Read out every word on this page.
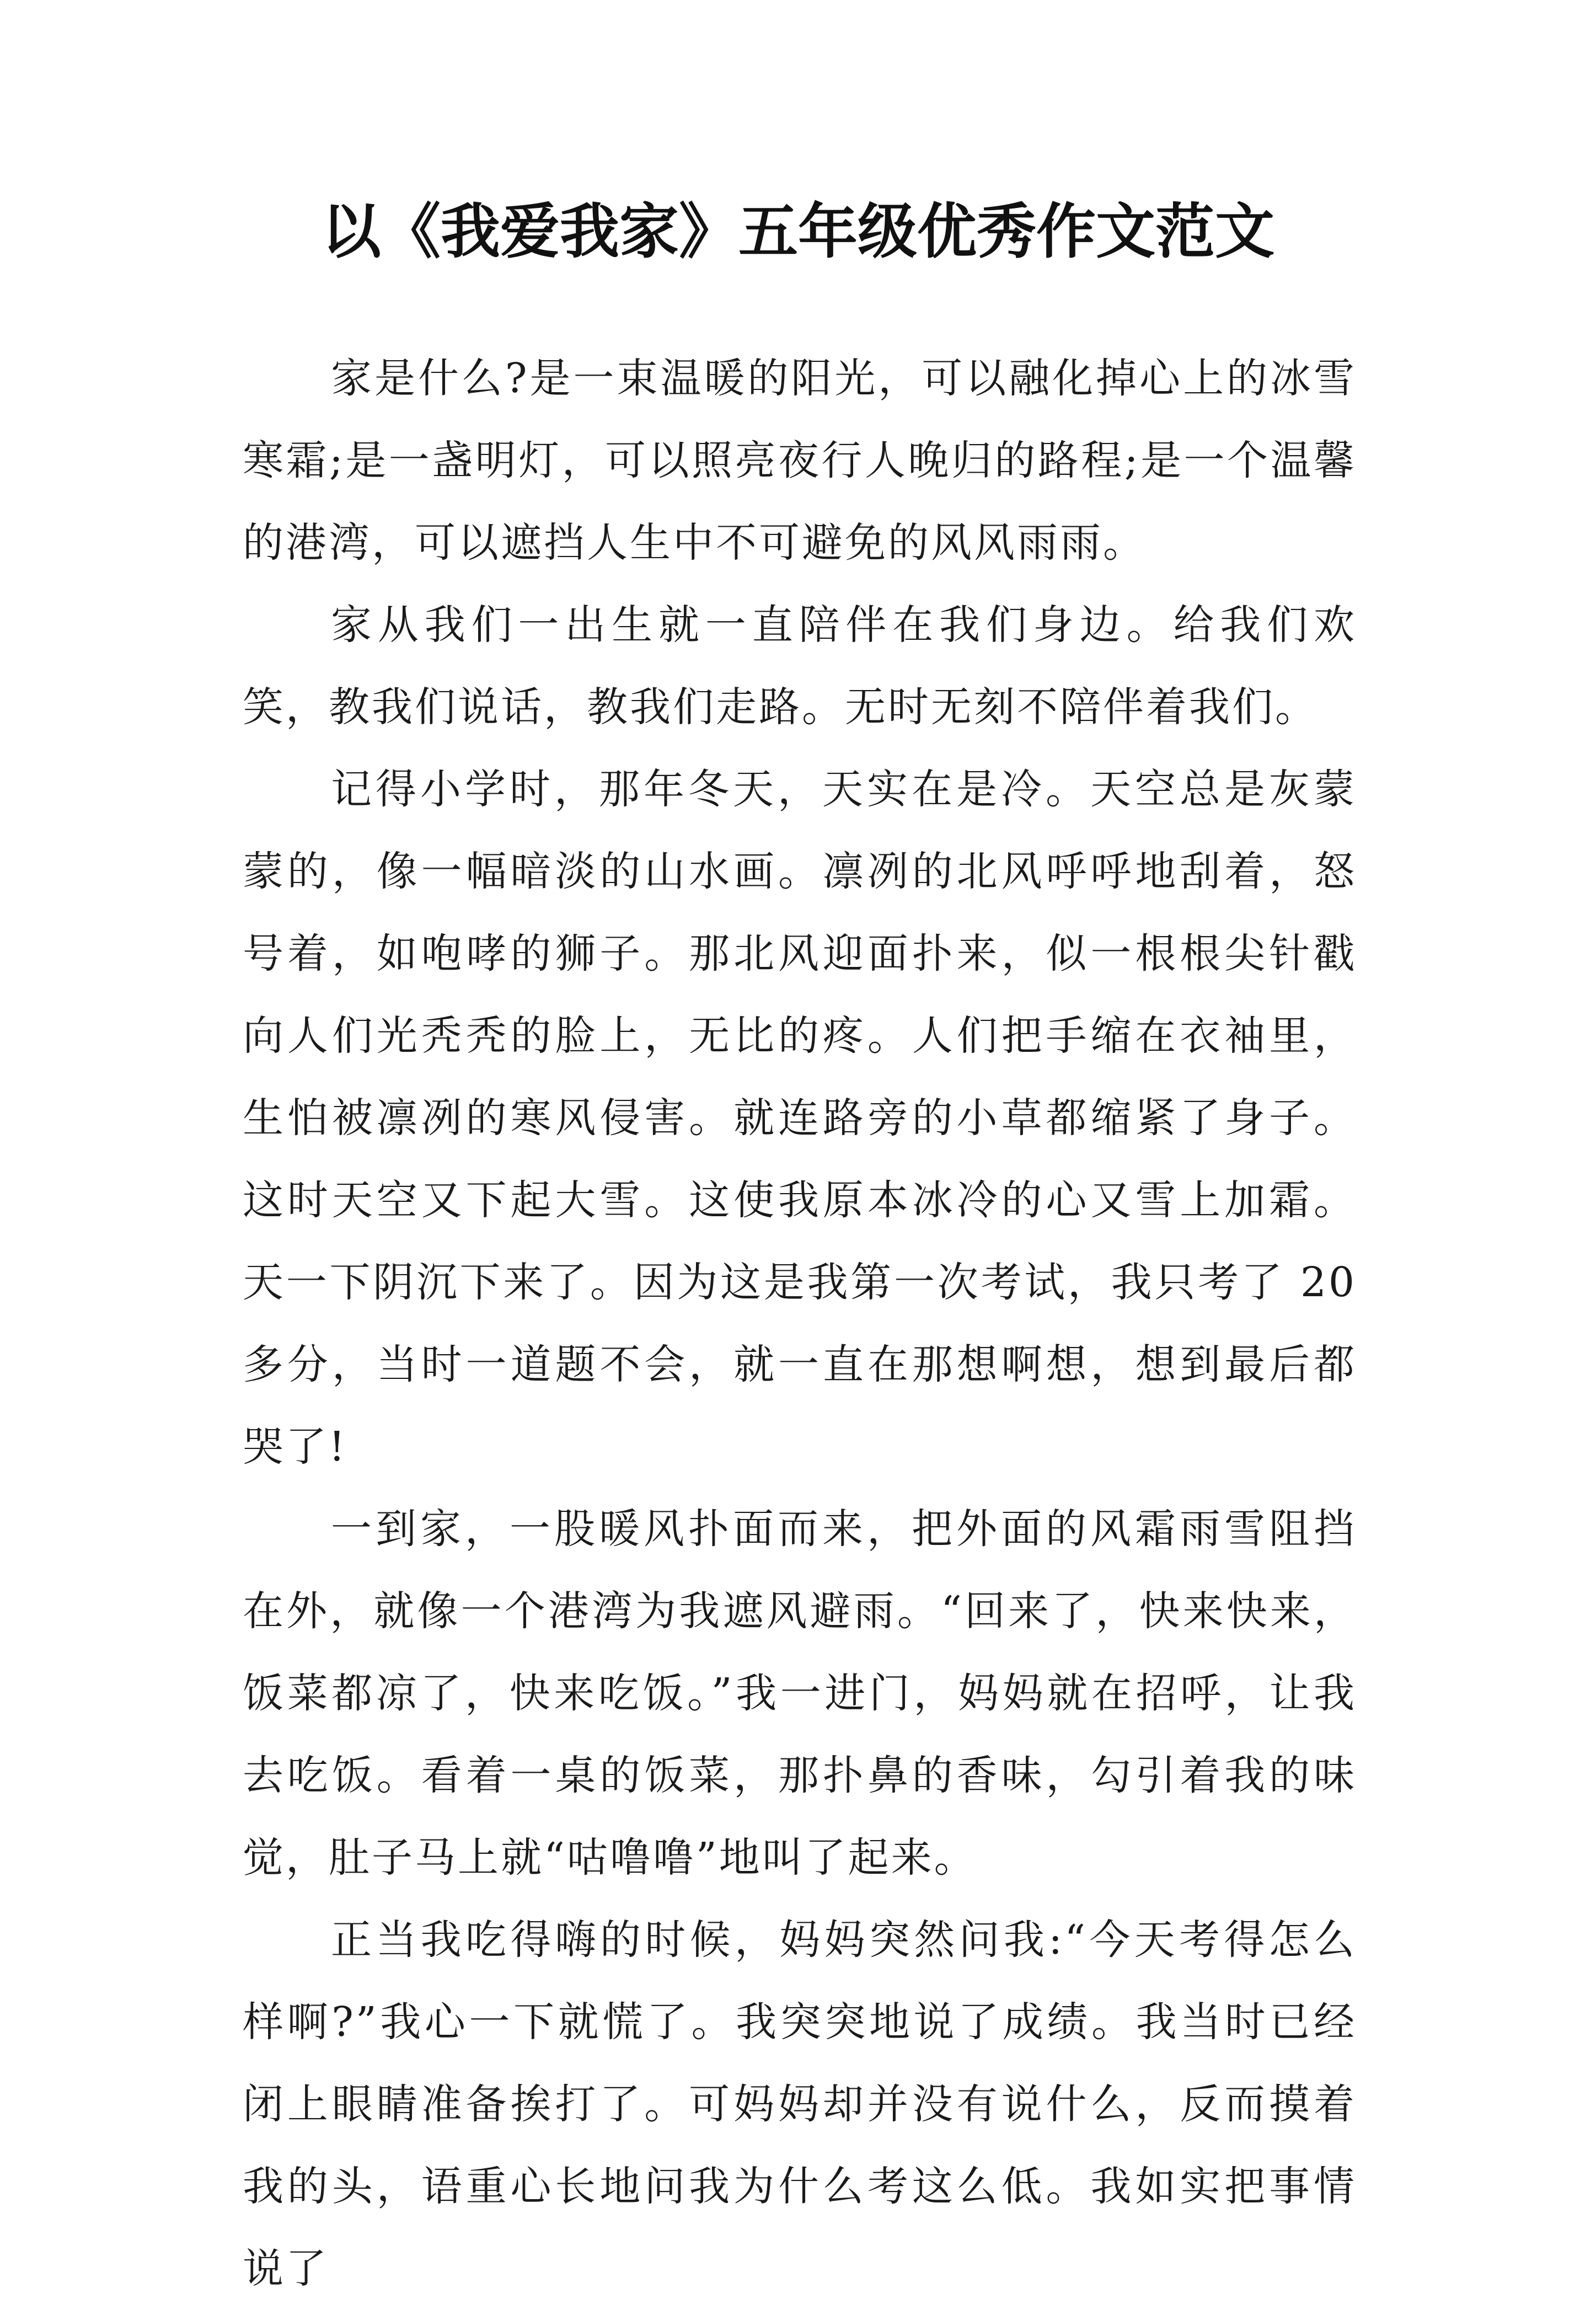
以《我爱我家》五年级优秀作文范文

家是什么?是一束温暖的阳光，可以融化掉心上的冰雪寒霜;是一盏明灯，可以照亮夜行人晚归的路程;是一个温馨的港湾，可以遮挡人生中不可避免的风风雨雨。

家从我们一出生就一直陪伴在我们身边。给我们欢笑，教我们说话，教我们走路。无时无刻不陪伴着我们。

记得小学时，那年冬天，天实在是冷。天空总是灰蒙蒙的，像一幅暗淡的山水画。凛冽的北风呼呼地刮着，怒号着，如咆哮的狮子。那北风迎面扑来，似一根根尖针戳向人们光秃秃的脸上，无比的疼。人们把手缩在衣袖里，生怕被凛冽的寒风侵害。就连路旁的小草都缩紧了身子。这时天空又下起大雪。这使我原本冰冷的心又雪上加霜。天一下阴沉下来了。因为这是我第一次考试，我只考了 20 多分，当时一道题不会，就一直在那想啊想，想到最后都哭了!

一到家，一股暖风扑面而来，把外面的风霜雨雪阻挡在外，就像一个港湾为我遮风避雨。“回来了，快来快来，饭菜都凉了，快来吃饭。”我一进门，妈妈就在招呼，让我去吃饭。看着一桌的饭菜，那扑鼻的香味，勾引着我的味觉，肚子马上就“咕噜噜”地叫了起来。

正当我吃得嗨的时候，妈妈突然问我:“今天考得怎么样啊?”我心一下就慌了。我突突地说了成绩。我当时已经闭上眼睛准备挨打了。可妈妈却并没有说什么，反而摸着我的头，语重心长地问我为什么考这么低。我如实把事情说了
